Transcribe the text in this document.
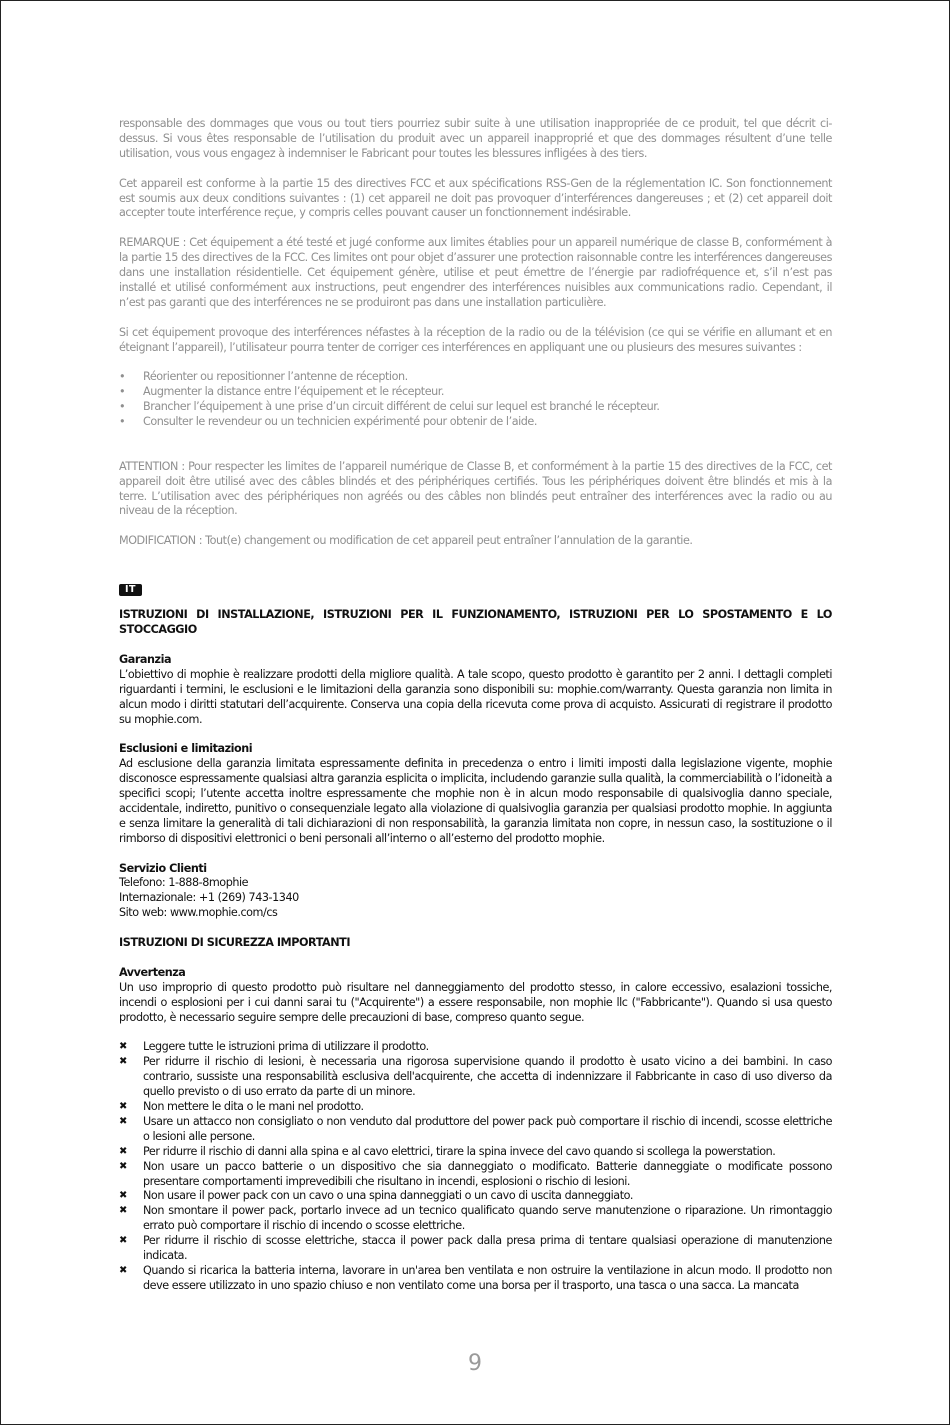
responsable des dommages que vous ou tout tiers pourriez subir suite à une utilisation inappropriée de ce produit, tel que décrit ci-dessus. Si vous êtes responsable de l’utilisation du produit avec un appareil inapproprié et que des dommages résultent d’une telle utilisation, vous vous engagez à indemniser le Fabricant pour toutes les blessures infligées à des tiers.

Cet appareil est conforme à la partie 15 des directives FCC et aux spécifications RSS-Gen de la réglementation IC. Son fonctionnement est soumis aux deux conditions suivantes : (1) cet appareil ne doit pas provoquer d’interférences dangereuses ; et (2) cet appareil doit accepter toute interférence reçue, y compris celles pouvant causer un fonctionnement indésirable.

REMARQUE : Cet équipement a été testé et jugé conforme aux limites établies pour un appareil numérique de classe B, conformément à la partie 15 des directives de la FCC. Ces limites ont pour objet d’assurer une protection raisonnable contre les interférences dangereuses dans une installation résidentielle. Cet équipement génère, utilise et peut émettre de l’énergie par radiofréquence et, s’il n’est pas installé et utilisé conformément aux instructions, peut engendrer des interférences nuisibles aux communications radio. Cependant, il n’est pas garanti que des interférences ne se produiront pas dans une installation particulière.

Si cet équipement provoque des interférences néfastes à la réception de la radio ou de la télévision (ce qui se vérifie en allumant et en éteignant l’appareil), l’utilisateur pourra tenter de corriger ces interférences en appliquant une ou plusieurs des mesures suivantes :

•	Réorienter ou repositionner l’antenne de réception.
•	Augmenter la distance entre l’équipement et le récepteur.
•	Brancher l’équipement à une prise d’un circuit différent de celui sur lequel est branché le récepteur.
•	Consulter le revendeur ou un technicien expérimenté pour obtenir de l’aide.

ATTENTION : Pour respecter les limites de l’appareil numérique de Classe B, et conformément à la partie 15 des directives de la FCC, cet appareil doit être utilisé avec des câbles blindés et des périphériques certifiés. Tous les périphériques doivent être blindés et mis à la terre. L’utilisation avec des périphériques non agréés ou des câbles non blindés peut entraîner des interférences avec la radio ou au niveau de la réception.

MODIFICATION : Tout(e) changement ou modification de cet appareil peut entraîner l’annulation de la garantie.

IT

ISTRUZIONI DI INSTALLAZIONE, ISTRUZIONI PER IL FUNZIONAMENTO, ISTRUZIONI PER LO SPOSTAMENTO E LO STOCCAGGIO

Garanzia

L’obiettivo di mophie è realizzare prodotti della migliore qualità. A tale scopo, questo prodotto è garantito per 2 anni. I dettagli completi riguardanti i termini, le esclusioni e le limitazioni della garanzia sono disponibili su: mophie.com/warranty. Questa garanzia non limita in alcun modo i diritti statutari dell’acquirente. Conserva una copia della ricevuta come prova di acquisto. Assicurati di registrare il prodotto su mophie.com.

Esclusioni e limitazioni

Ad esclusione della garanzia limitata espressamente definita in precedenza o entro i limiti imposti dalla legislazione vigente, mophie disconosce espressamente qualsiasi altra garanzia esplicita o implicita, includendo garanzie sulla qualità, la commerciabilità o l’idoneità a specifici scopi; l’utente accetta inoltre espressamente che mophie non è in alcun modo responsabile di qualsivoglia danno speciale, accidentale, indiretto, punitivo o consequenziale legato alla violazione di qualsivoglia garanzia per qualsiasi prodotto mophie. In aggiunta e senza limitare la generalità di tali dichiarazioni di non responsabilità, la garanzia limitata non copre, in nessun caso, la sostituzione o il rimborso di dispositivi elettronici o beni personali all’interno o all’esterno del prodotto mophie.

Servizio Clienti

Telefono: 1-888-8mophie

Internazionale: +1 (269) 743-1340

Sito web: www.mophie.com/cs

ISTRUZIONI DI SICUREZZA IMPORTANTI

Avvertenza

Un uso improprio di questo prodotto può risultare nel danneggiamento del prodotto stesso, in calore eccessivo, esalazioni tossiche, incendi o esplosioni per i cui danni sarai tu ("Acquirente") a essere responsabile, non mophie llc ("Fabbricante"). Quando si usa questo prodotto, è necessario seguire sempre delle precauzioni di base, compreso quanto segue.

✖	Leggere tutte le istruzioni prima di utilizzare il prodotto.
✖	Per ridurre il rischio di lesioni, è necessaria una rigorosa supervisione quando il prodotto è usato vicino a dei bambini. In caso contrario, sussiste una responsabilità esclusiva dell'acquirente, che accetta di indennizzare il Fabbricante in caso di uso diverso da quello previsto o di uso errato da parte di un minore.
✖	Non mettere le dita o le mani nel prodotto.
✖	Usare un attacco non consigliato o non venduto dal produttore del power pack può comportare il rischio di incendi, scosse elettriche o lesioni alle persone.
✖	Per ridurre il rischio di danni alla spina e al cavo elettrici, tirare la spina invece del cavo quando si scollega la powerstation.
✖	Non usare un pacco batterie o un dispositivo che sia danneggiato o modificato. Batterie danneggiate o modificate possono presentare comportamenti imprevedibili che risultano in incendi, esplosioni o rischio di lesioni.
✖	Non usare il power pack con un cavo o una spina danneggiati o un cavo di uscita danneggiato.
✖	Non smontare il power pack, portarlo invece ad un tecnico qualificato quando serve manutenzione o riparazione. Un rimontaggio errato può comportare il rischio di incendo o scosse elettriche.
✖	Per ridurre il rischio di scosse elettriche, stacca il power pack dalla presa prima di tentare qualsiasi operazione di manutenzione indicata.
✖	Quando si ricarica la batteria interna, lavorare in un'area ben ventilata e non ostruire la ventilazione in alcun modo. Il prodotto non deve essere utilizzato in uno spazio chiuso e non ventilato come una borsa per il trasporto, una tasca o una sacca. La mancata
9
